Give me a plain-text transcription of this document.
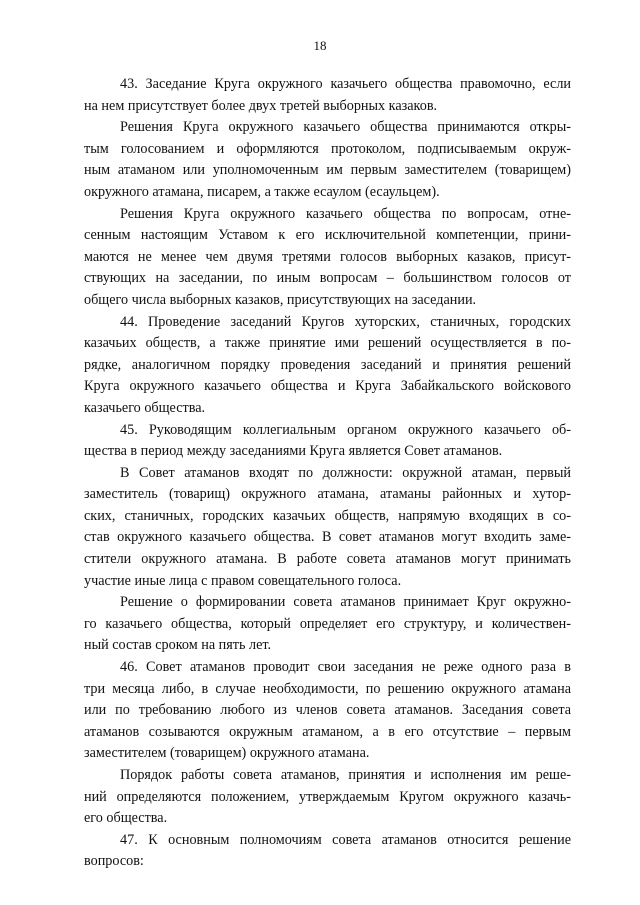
18

43. Заседание Круга окружного казачьего общества правомочно, если
на нем присутствует более двух третей выборных казаков.

Решения Круга окружного казачьего общества принимаются откры-
тым голосованием и оформляются протоколом, подписываемым окруж-
ным атаманом или уполномоченным им первым заместителем (товарищем)
окружного атамана, писарем, а также есаулом (есаульцем).

Решения Круга окружного казачьего общества по вопросам, отне-
сенным настоящим Уставом к его исключительной компетенции, прини-
маются не менее чем двумя третями голосов выборных казаков, присут-
ствующих на заседании, по иным вопросам – большинством голосов от
общего числа выборных казаков, присутствующих на заседании.

44. Проведение заседаний Кругов хуторских, станичных, городских
казачьих обществ, а также принятие ими решений осуществляется в по-
рядке, аналогичном порядку проведения заседаний и принятия решений
Круга окружного казачьего общества и Круга Забайкальского войскового
казачьего общества.

45. Руководящим коллегиальным органом окружного казачьего об-
щества в период между заседаниями Круга является Совет атаманов.

В Совет атаманов входят по должности: окружной атаман, первый
заместитель (товарищ) окружного атамана, атаманы районных и хутор-
ских, станичных, городских казачьих обществ, напрямую входящих в со-
став окружного казачьего общества. В совет атаманов могут входить заме-
стители окружного атамана. В работе совета атаманов могут принимать
участие иные лица с правом совещательного голоса.

Решение о формировании совета атаманов принимает Круг окружно-
го казачьего общества, который определяет его структуру, и количествен-
ный состав сроком на пять лет.

46. Совет атаманов проводит свои заседания не реже одного раза в
три месяца либо, в случае необходимости, по решению окружного атамана
или по требованию любого из членов совета атаманов. Заседания совета
атаманов созываются окружным атаманом, а в его отсутствие – первым
заместителем (товарищем) окружного атамана.

Порядок работы совета атаманов, принятия и исполнения им реше-
ний определяются положением, утверждаемым Кругом окружного казачь-
его общества.

47. К основным полномочиям совета атаманов относится решение
вопросов:
